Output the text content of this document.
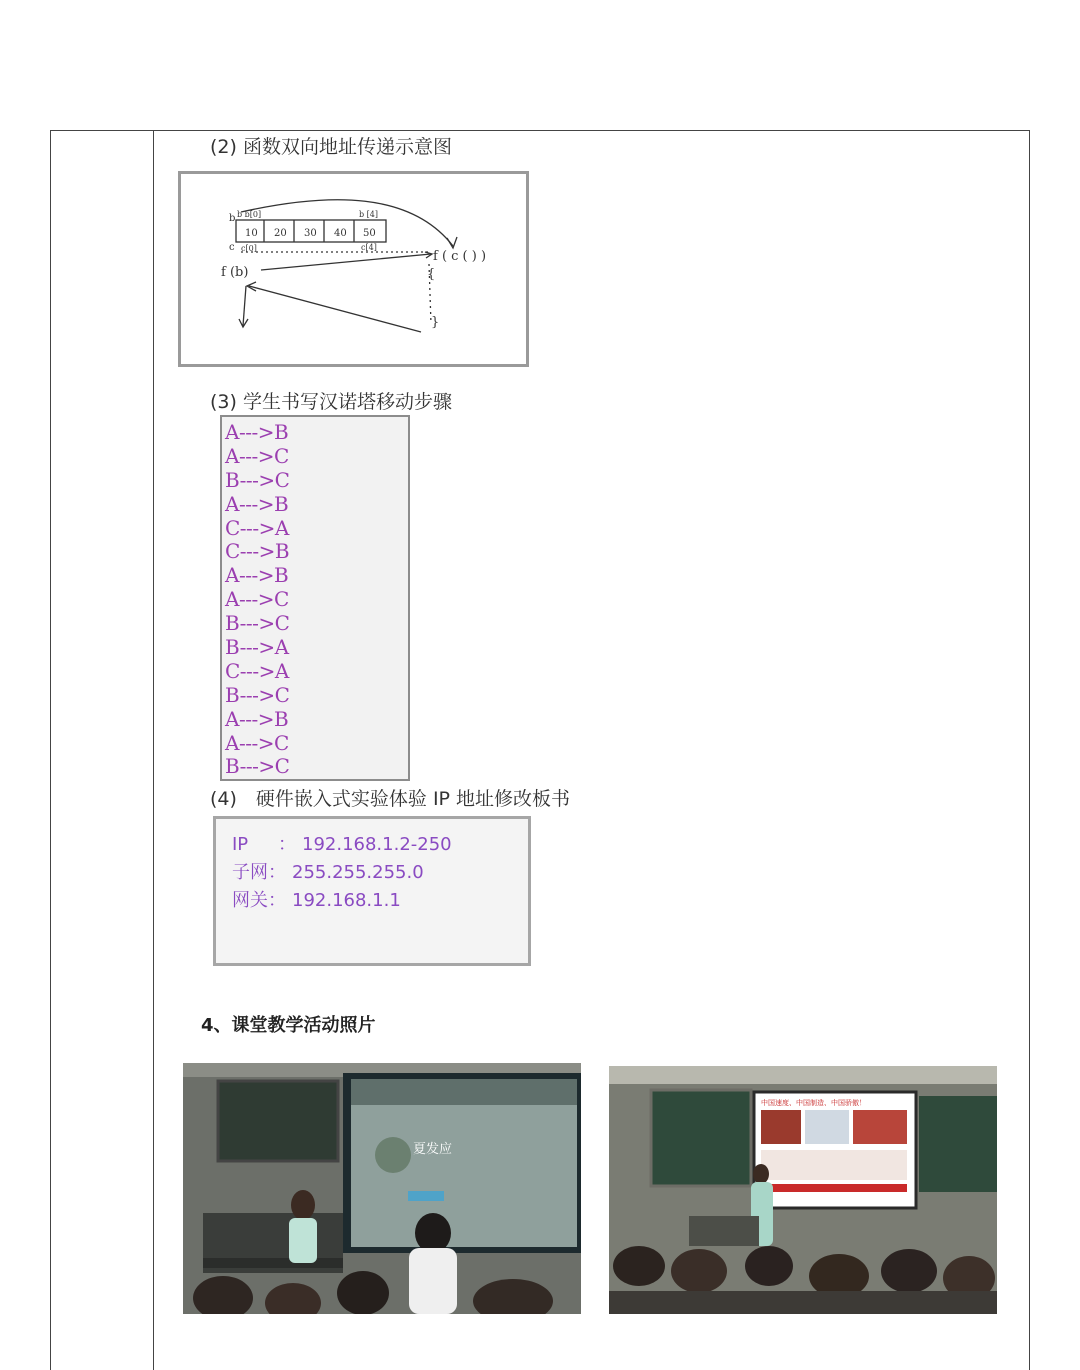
(2) 函数双向地址传递示意图
b b b[0]	b [4]
c c[0]	c[4]
10 20 30 40 50
f (b)
f ( c ( ) )
{
}
(3) 学生书写汉诺塔移动步骤
A--->B
A--->C
B--->C
A--->B
C--->A
C--->B
A--->B
A--->C
B--->C
B--->A
C--->A
B--->C
A--->B
A--->C
B--->C
(4)　硬件嵌入式实验体验 IP 地址修改板书
IP ： 192.168.1.2-250
子网： 255.255.255.0
网关： 192.168.1.1
4、课堂教学活动照片
夏发应
中国速度、中国制造、中国骄傲！
